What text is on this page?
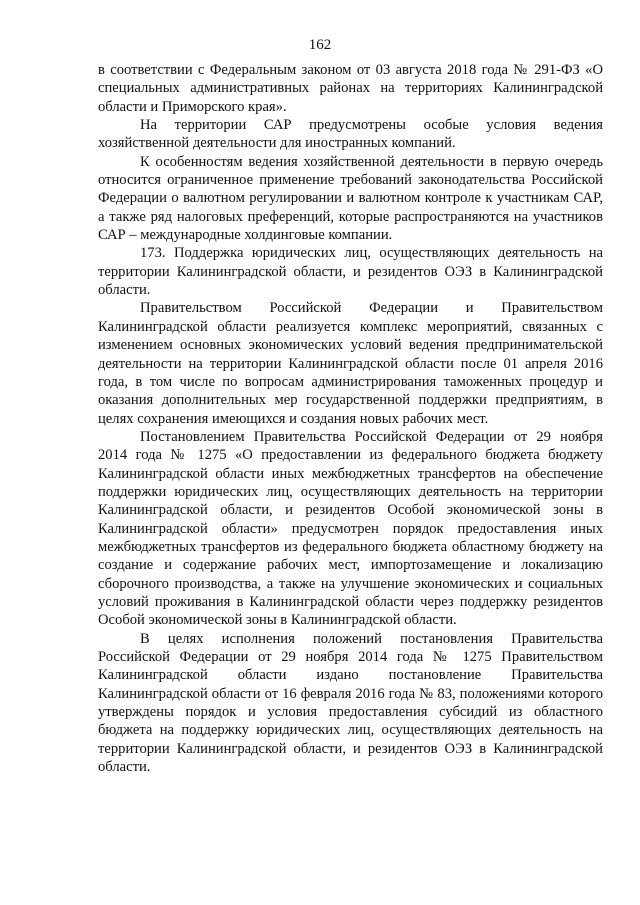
162

в соответствии с Федеральным законом от 03 августа 2018 года № 291-ФЗ «О специальных административных районах на территориях Калининградской области и Приморского края».

На территории САР предусмотрены особые условия ведения хозяйственной деятельности для иностранных компаний.

К особенностям ведения хозяйственной деятельности в первую очередь относится ограниченное применение требований законодательства Российской Федерации о валютном регулировании и валютном контроле к участникам САР, а также ряд налоговых преференций, которые распространяются на участников САР – международные холдинговые компании.

173. Поддержка юридических лиц, осуществляющих деятельность на территории Калининградской области, и резидентов ОЭЗ в Калининградской области.

Правительством Российской Федерации и Правительством Калининградской области реализуется комплекс мероприятий, связанных с изменением основных экономических условий ведения предпринимательской деятельности на территории Калининградской области после 01 апреля 2016 года, в том числе по вопросам администрирования таможенных процедур и оказания дополнительных мер государственной поддержки предприятиям, в целях сохранения имеющихся и создания новых рабочих мест.

Постановлением Правительства Российской Федерации от 29 ноября 2014 года № 1275 «О предоставлении из федерального бюджета бюджету Калининградской области иных межбюджетных трансфертов на обеспечение поддержки юридических лиц, осуществляющих деятельность на территории Калининградской области, и резидентов Особой экономической зоны в Калининградской области» предусмотрен порядок предоставления иных межбюджетных трансфертов из федерального бюджета областному бюджету на создание и содержание рабочих мест, импортозамещение и локализацию сборочного производства, а также на улучшение экономических и социальных условий проживания в Калининградской области через поддержку резидентов Особой экономической зоны в Калининградской области.

В целях исполнения положений постановления Правительства Российской Федерации от 29 ноября 2014 года № 1275 Правительством Калининградской области издано постановление Правительства Калининградской области от 16 февраля 2016 года № 83, положениями которого утверждены порядок и условия предоставления субсидий из областного бюджета на поддержку юридических лиц, осуществляющих деятельность на территории Калининградской области, и резидентов ОЭЗ в Калининградской области.
